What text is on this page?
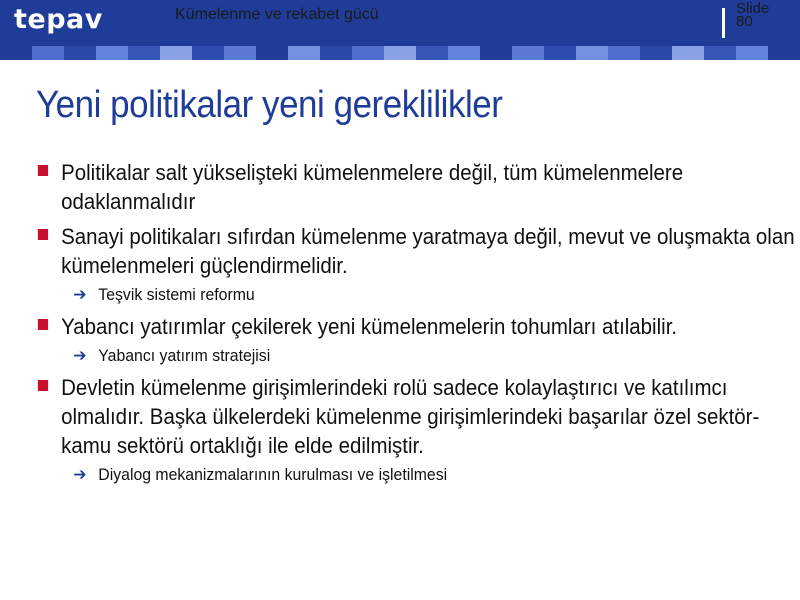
tepav	Kümelenme ve rekabet gücü	Slide
80
Yeni politikalar yeni gereklilikler
Politikalar salt yükselişteki kümelenmelere değil, tüm kümelenmelere odaklanmalıdır
Sanayi politikaları sıfırdan kümelenme yaratmaya değil, mevut ve oluşmakta olan kümelenmeleri güçlendirmelidir.
➔ Teşvik sistemi reformu
Yabancı yatırımlar çekilerek yeni kümelenmelerin tohumları atılabilir.
➔ Yabancı yatırım stratejisi
Devletin kümelenme girişimlerindeki rolü sadece kolaylaştırıcı ve katılımcı olmalıdır. Başka ülkelerdeki kümelenme girişimlerindeki başarılar özel sektör-kamu sektörü ortaklığı ile elde edilmiştir.
➔ Diyalog mekanizmalarının kurulması ve işletilmesi
